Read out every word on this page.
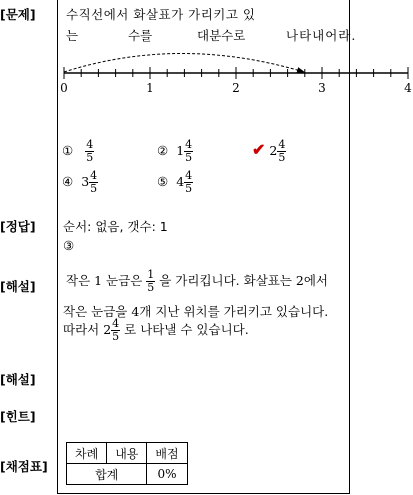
[문제]
[정답]
[해설]
[해설]
[힌트]
[채점표]
수직선에서 화살표가 가리키고 있
는	수를	대분수로	나타내어라.
0	1	2	3	4
① $\frac{4}{5}$	② $1 \frac{4}{5}$	✔ $2 \frac{4}{5}$
④ $3 \frac{4}{5}$	⑤ $4 \frac{4}{5}$
순서: 없음, 갯수: 1
③
작은 1 눈금은 $\frac{1}{5}$ 을 가리킵니다. 화살표는 2에서
작은 눈금을 4개 지난 위치를 가리키고 있습니다.
따라서 $2 \frac{4}{5}$ 로 나타낼 수 있습니다.
차례	내용	배점
합계		0%
